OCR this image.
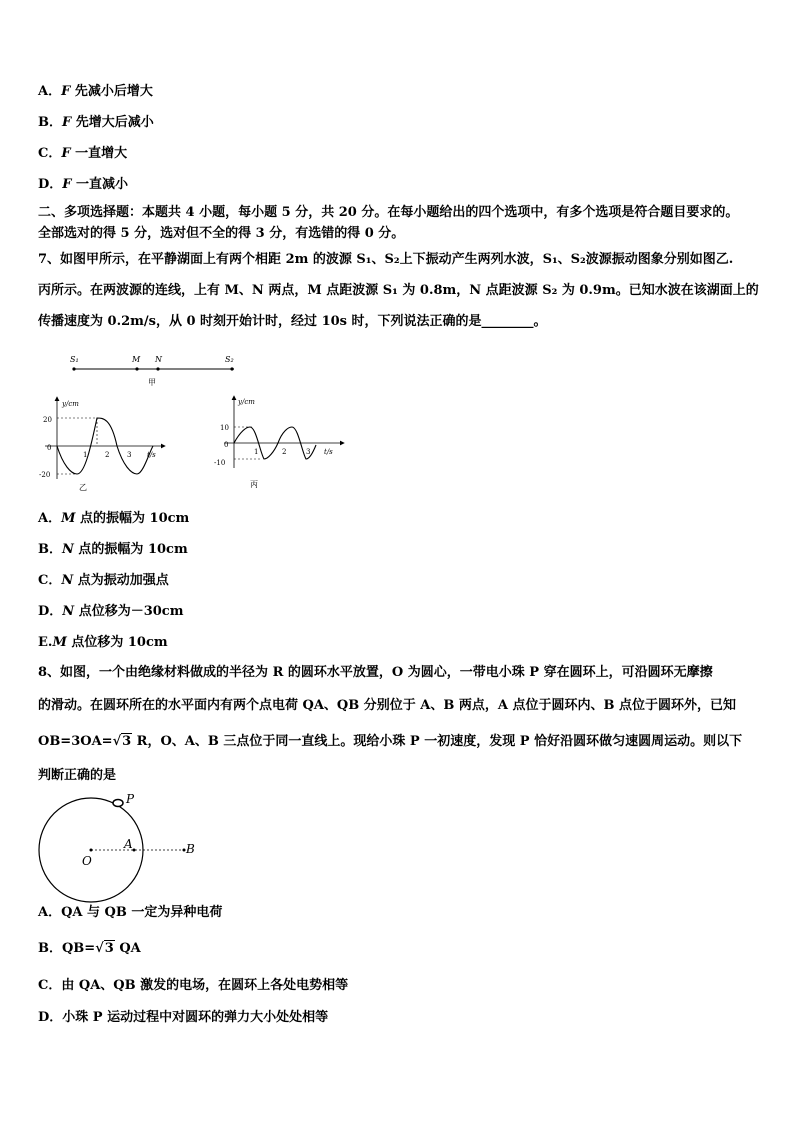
A．F 先减小后增大
B．F 先增大后减小
C．F 一直增大
D．F 一直减小
二、多项选择题：本题共 4 小题，每小题 5 分，共 20 分。在每小题给出的四个选项中，有多个选项是符合题目要求的。
全部选对的得 5 分，选对但不全的得 3 分，有选错的得 0 分。
7、如图甲所示，在平静湖面上有两个相距 2m 的波源 S₁、S₂上下振动产生两列水波，S₁、S₂波源振动图象分别如图乙.
丙所示。在两波源的连线，上有 M、N 两点，M 点距波源 S₁ 为 0.8m，N 点距波源 S₂ 为 0.9m。已知水波在该湖面上的
传播速度为 0.2m/s，从 0 时刻开始计时，经过 10s 时，下列说法正确的是________。
S₁	M N	S₂
甲
y/cm
t/s
20
0
-20
1	2	3
乙
y/cm
t/s
10
0
-10
1	2	3
丙
A．M 点的振幅为 10cm
B．N 点的振幅为 10cm
C．N 点为振动加强点
D．N 点位移为－30cm
E.M 点位移为 10cm
8、如图，一个由绝缘材料做成的半径为 R 的圆环水平放置，O 为圆心，一带电小珠 P 穿在圆环上，可沿圆环无摩擦
的滑动。在圆环所在的水平面内有两个点电荷 QA、QB 分别位于 A、B 两点，A 点位于圆环内、B 点位于圆环外，已知
OB=3OA=√3 R，O、A、B 三点位于同一直线上。现给小珠 P 一初速度，发现 P 恰好沿圆环做匀速圆周运动。则以下
判断正确的是
P
O
A	B
A．QA 与 QB 一定为异种电荷
B．QB=√3 QA
C．由 QA、QB 激发的电场，在圆环上各处电势相等
D．小珠 P 运动过程中对圆环的弹力大小处处相等
